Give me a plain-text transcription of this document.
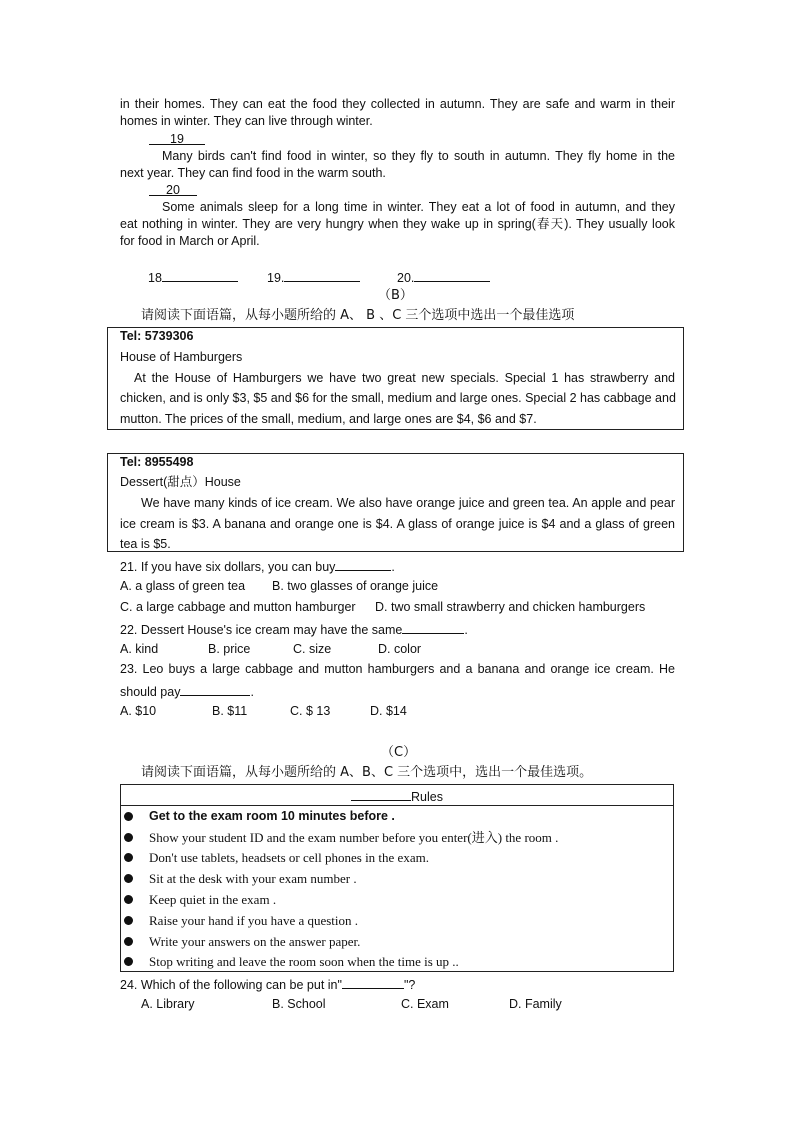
in their homes. They can eat the food they collected in autumn. They are safe and warm in their
homes in winter. They can live through winter.
19
Many birds can't find food in winter, so they fly to south in autumn. They fly home in the
next year. They can find food in the warm south.
20
Some animals sleep for a long time in winter. They eat a lot of food in autumn, and they
eat nothing in winter. They are very hungry when they wake up in spring(春天). They usually look
for food in March or April.
18	19.	20.
（B）
请阅读下面语篇，从每小题所给的 A、 B 、C 三个选项中选出一个最佳选项
Tel: 5739306
House of Hamburgers
At the House of Hamburgers we have two great new specials. Special 1 has strawberry and
chicken, and is only $3, $5 and $6 for the small, medium and large ones. Special 2 has cabbage and
mutton. The prices of the small, medium, and large ones are $4, $6 and $7.
Tel: 8955498
Dessert(甜点）House
We have many kinds of ice cream. We also have orange juice and green tea. An apple and pear
ice cream is $3. A banana and orange one is $4. A glass of orange juice is $4 and a glass of green
tea is $5.
21. If you have six dollars, you can buy	.
A. a glass of green tea B. two glasses of orange juice
C. a large cabbage and mutton hamburger D. two small strawberry and chicken hamburgers
22. Dessert House's ice cream may have the same	.
A. kind	B. price	C. size	D. color
23. Leo buys a large cabbage and mutton hamburgers and a banana and orange ice cream. He
should pay	.
A. $10	B. $11	C. $ 13	D. $14
（C）
请阅读下面语篇，从每小题所给的 A、B、C 三个选项中，选出一个最佳选项。
Rules
Get to the exam room 10 minutes before .
Show your student ID and the exam number before you enter(进入) the room .
Don't use tablets, headsets or cell phones in the exam.
Sit at the desk with your exam number .
Keep quiet in the exam .
Raise your hand if you have a question .
Write your answers on the answer paper.
Stop writing and leave the room soon when the time is up ..
24. Which of the following can be put in"	"?
A. Library	B. School	C. Exam	D. Family
